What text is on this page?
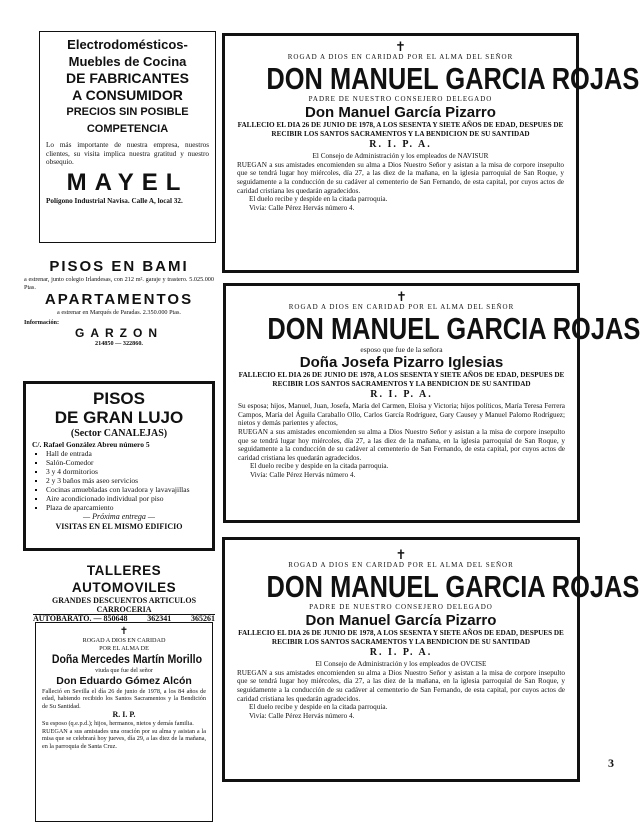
Electrodomésticos-
Muebles de Cocina
DE FABRICANTES
A CONSUMIDOR
PRECIOS SIN POSIBLE
COMPETENCIA
Lo más importante de nuestra empresa, nuestros clientes, su visita implica nuestra gratitud y nuestro obsequio.
MAYEL
Polígono Industrial Navisa. Calle A, local 32.
PISOS EN BAMI
a estrenar, junto colegio Irlandesas, con 212 m². garaje y trastero. 5.025.000 Ptas.
APARTAMENTOS
a estrenar en Marqués de Paradas. 2.350.000 Ptas.
Información:
GARZON
214850 — 322860.
PISOS
DE GRAN LUJO
(Sector CANALEJAS)
C/. Rafael González Abreu número 5
▪ Hall de entrada
▪ Salón-Comedor
▪ 3 y 4 dormitorios
▪ 2 y 3 baños más aseo servicios
▪ Cocinas amuebladas con lavadora y lavavajillas
▪ Aire acondicionado individual por piso
▪ Plaza de aparcamiento
— Próxima entrega —
VISITAS EN EL MISMO EDIFICIO
TALLERES AUTOMOVILES
GRANDES DESCUENTOS ARTICULOS
CARROCERIA
AUTOBARATO. — 850648 362341 365261
✝
ROGAD A DIOS EN CARIDAD
POR EL ALMA DE
Doña Mercedes Martín Morillo
viuda que fue del señor
Don Eduardo Gómez Alcón
Falleció en Sevilla el día 26 de junio de 1978, a los 84 años de edad, habiendo recibido los Santos Sacramentos y la Bendición de Su Santidad.
R. I. P.
Su esposo (q.e.p.d.); hijos, hermanos, nietos y demás familia.
RUEGAN a sus amistades una oración por su alma y asistan a la misa que se celebrará hoy jueves, día 29, a las diez de la mañana, en la parroquia de Santa Cruz.
✝
ROGAD A DIOS EN CARIDAD POR EL ALMA DEL SEÑOR
DON MANUEL GARCIA ROJAS
PADRE DE NUESTRO CONSEJERO DELEGADO
Don Manuel García Pizarro
FALLECIO EL DIA 26 DE JUNIO DE 1978, A LOS SESENTA Y SIETE AÑOS DE EDAD, DESPUES DE RECIBIR LOS SANTOS SACRAMENTOS Y LA BENDICION DE SU SANTIDAD
R. I. P. A.
El Consejo de Administración y los empleados de NAVISUR
RUEGAN a sus amistades encomienden su alma a Dios Nuestro Señor y asistan a la misa de corpore insepulto que se tendrá lugar hoy miércoles, día 27, a las diez de la mañana, en la iglesia parroquial de San Roque, y seguidamente a la conducción de su cadáver al cementerio de San Fernando, de esta capital, por cuyos actos de caridad cristiana les quedarán agradecidos.
El duelo recibe y despide en la citada parroquia.
Vivía: Calle Pérez Hervás número 4.
✝
ROGAD A DIOS EN CARIDAD POR EL ALMA DEL SEÑOR
DON MANUEL GARCIA ROJAS
esposo que fue de la señora
Doña Josefa Pizarro Iglesias
FALLECIO EL DIA 26 DE JUNIO DE 1978, A LOS SESENTA Y SIETE AÑOS DE EDAD, DESPUES DE RECIBIR LOS SANTOS SACRAMENTOS Y LA BENDICION DE SU SANTIDAD
R. I. P. A.
Su esposa; hijos, Manuel, Juan, Josefa, María del Carmen, Eloísa y Victoria; hijos políticos, María Teresa Ferrera Campos, María del Águila Caraballo Ollo, Carlos García Rodríguez, Gary Causey y Manuel Palomo Rodríguez; nietos y demás parientes y afectos,
RUEGAN a sus amistades encomienden su alma a Dios Nuestro Señor y asistan a la misa de corpore insepulto que se tendrá lugar hoy miércoles, día 27, a las diez de la mañana, en la iglesia parroquial de San Roque, y seguidamente a la conducción de su cadáver al cementerio de San Fernando, de esta capital, por cuyos actos de caridad cristiana les quedarán agradecidos.
El duelo recibe y despide en la citada parroquia.
Vivía: Calle Pérez Hervás número 4.
✝
ROGAD A DIOS EN CARIDAD POR EL ALMA DEL SEÑOR
DON MANUEL GARCIA ROJAS
PADRE DE NUESTRO CONSEJERO DELEGADO
Don Manuel García Pizarro
FALLECIO EL DIA 26 DE JUNIO DE 1978, A LOS SESENTA Y SIETE AÑOS DE EDAD, DESPUES DE RECIBIR LOS SANTOS SACRAMENTOS Y LA BENDICION DE SU SANTIDAD
R. I. P. A.
El Consejo de Administración y los empleados de OVCISE
RUEGAN a sus amistades encomienden su alma a Dios Nuestro Señor y asistan a la misa de corpore insepulto que se tendrá lugar hoy miércoles, día 27, a las diez de la mañana, en la iglesia parroquial de San Roque, y seguidamente a la conducción de su cadáver al cementerio de San Fernando, de esta capital, por cuyos actos de caridad cristiana les quedarán agradecidos.
El duelo recibe y despide en la citada parroquia.
Vivía: Calle Pérez Hervás número 4.
3
